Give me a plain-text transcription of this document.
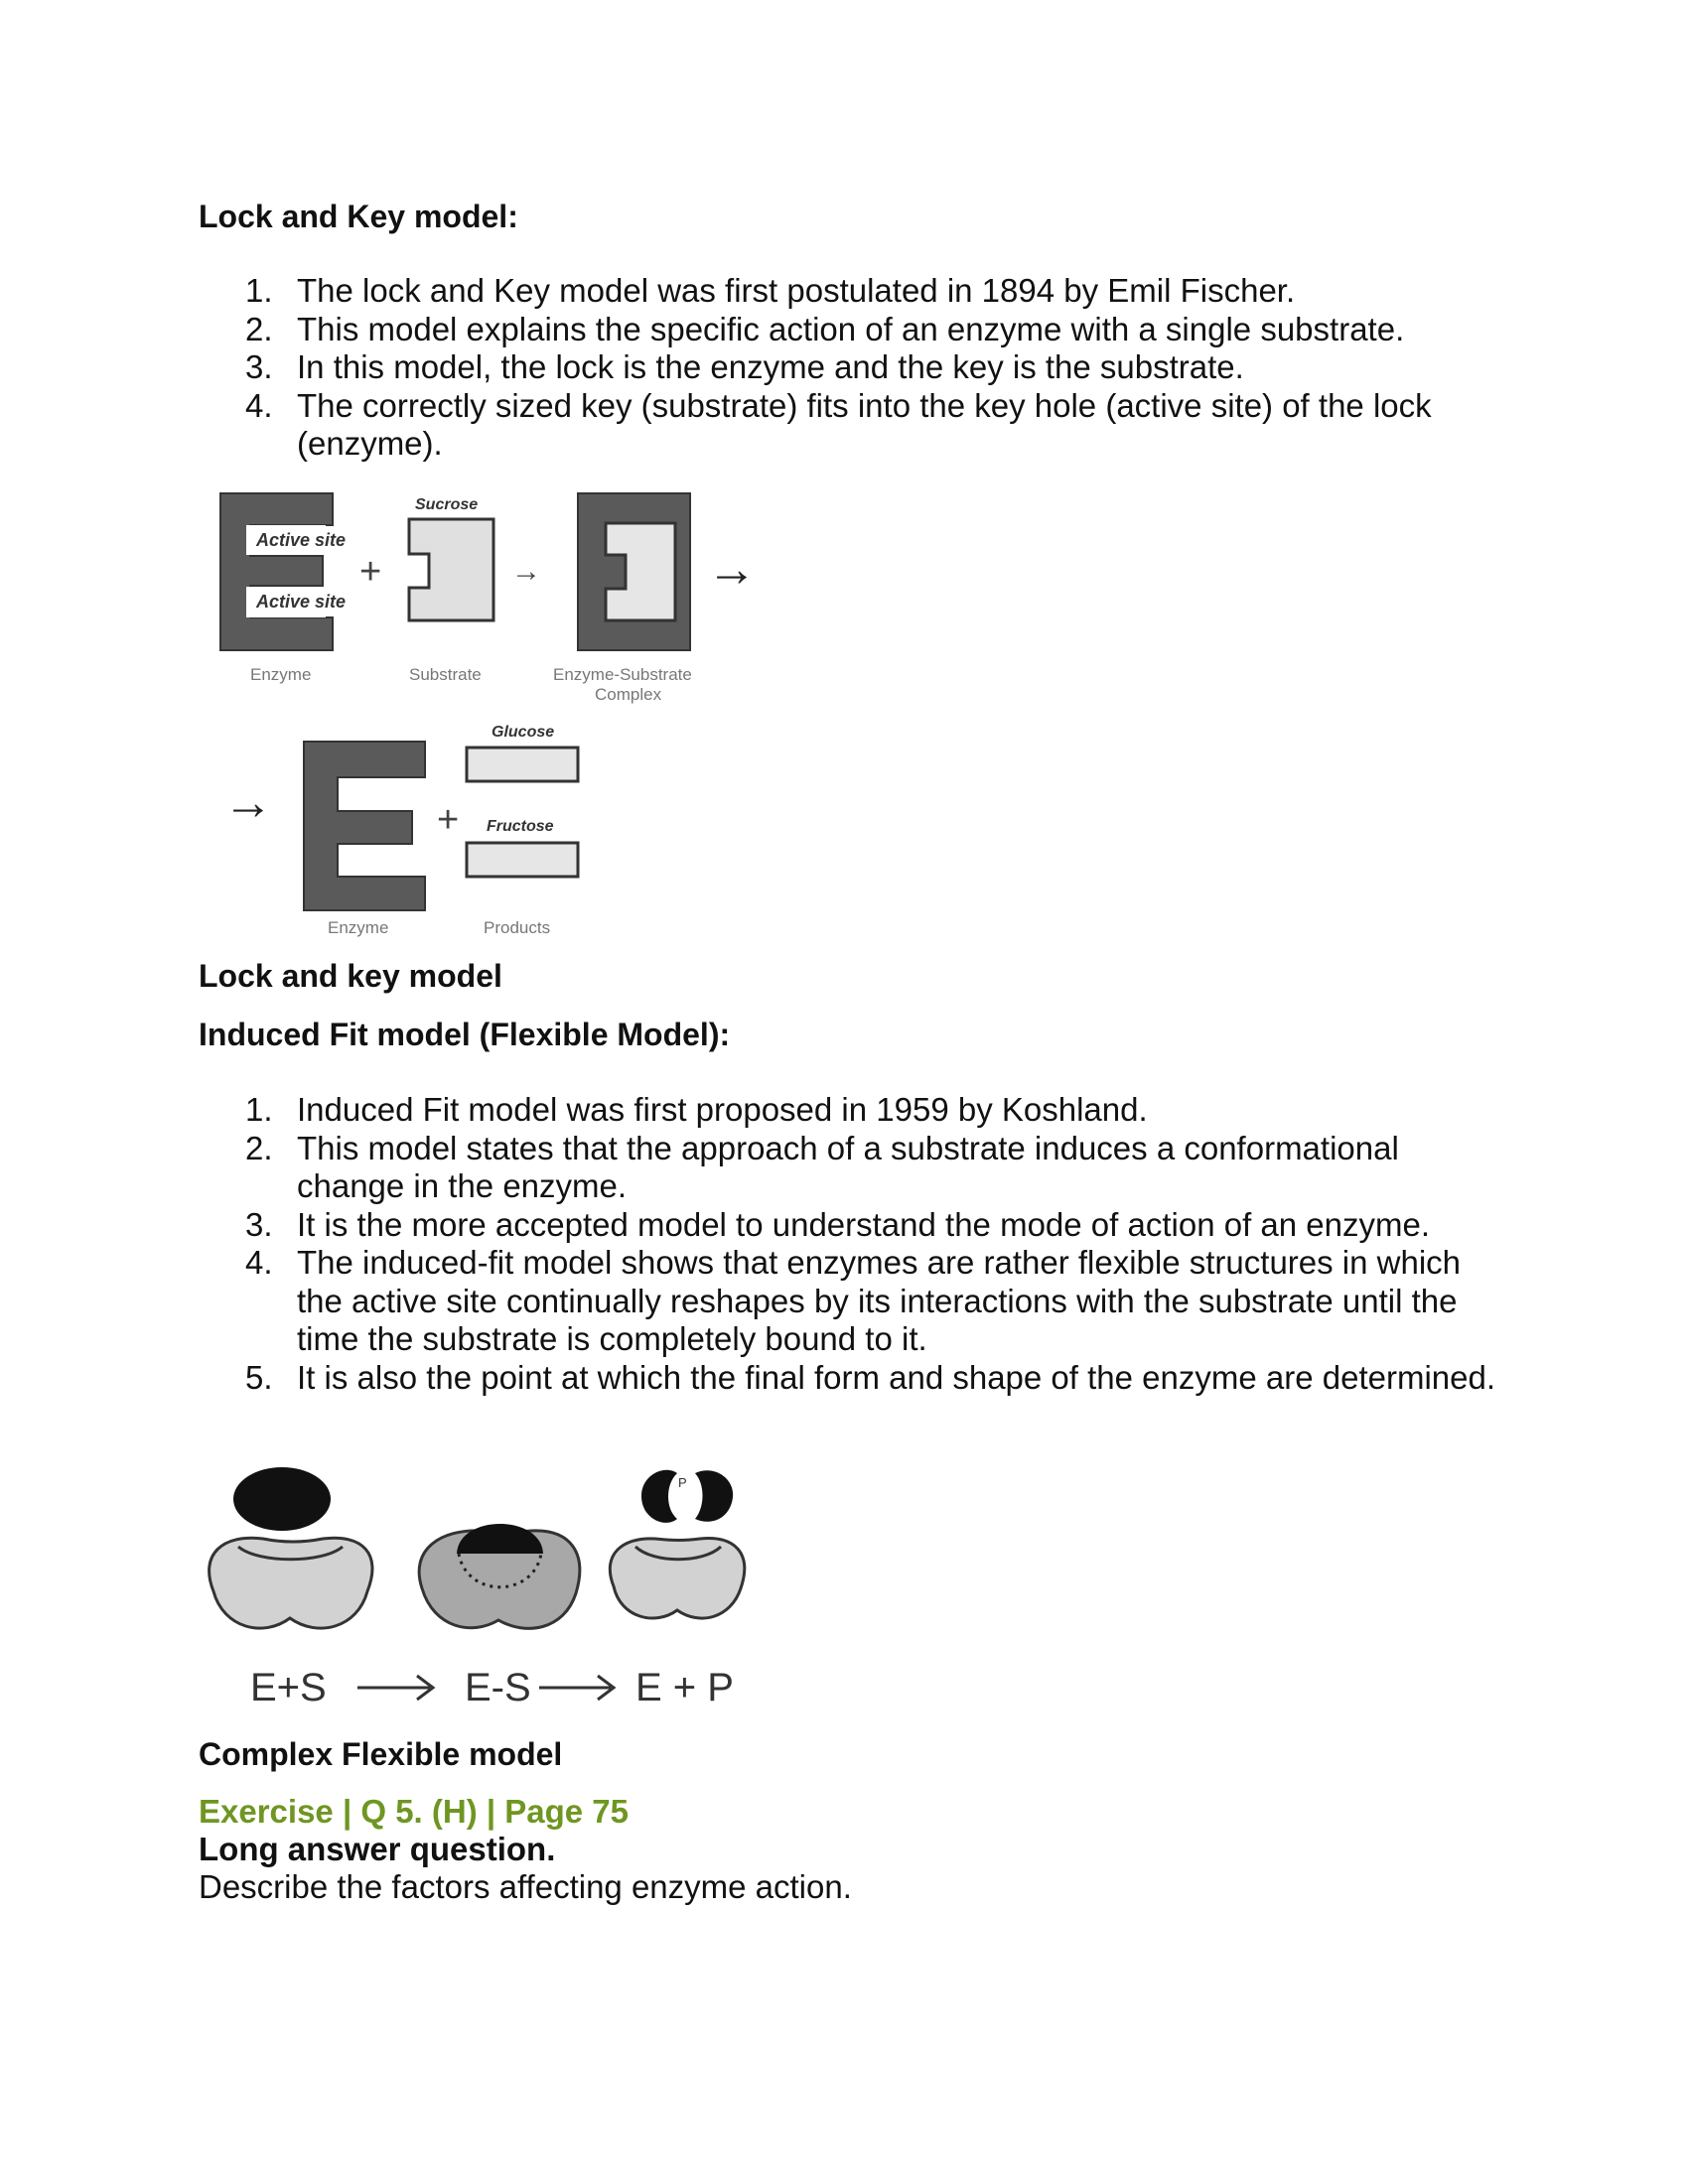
Lock and Key model:
1. The lock and Key model was first postulated in 1894 by Emil Fischer.
2. This model explains the specific action of an enzyme with a single substrate.
3. In this model, the lock is the enzyme and the key is the substrate.
4. The correctly sized key (substrate) fits into the key hole (active site) of the lock (enzyme).
Active site
Active site
+
Sucrose
→	→
Enzyme	Substrate	Enzyme-Substrate
Complex
→	+
Glucose
Fructose
Enzyme	Products

Lock and key model

Induced Fit model (Flexible Model):
1. Induced Fit model was first proposed in 1959 by Koshland.
2. This model states that the approach of a substrate induces a conformational change in the enzyme.
3. It is the more accepted model to understand the mode of action of an enzyme.
4. The induced-fit model shows that enzymes are rather flexible structures in which the active site continually reshapes by its interactions with the substrate until the time the substrate is completely bound to it.
5. It is also the point at which the final form and shape of the enzyme are determined.
P
E+S	E-S	E + P

Complex Flexible model

Exercise | Q 5. (H) | Page 75

Long answer question.

Describe the factors affecting enzyme action.
